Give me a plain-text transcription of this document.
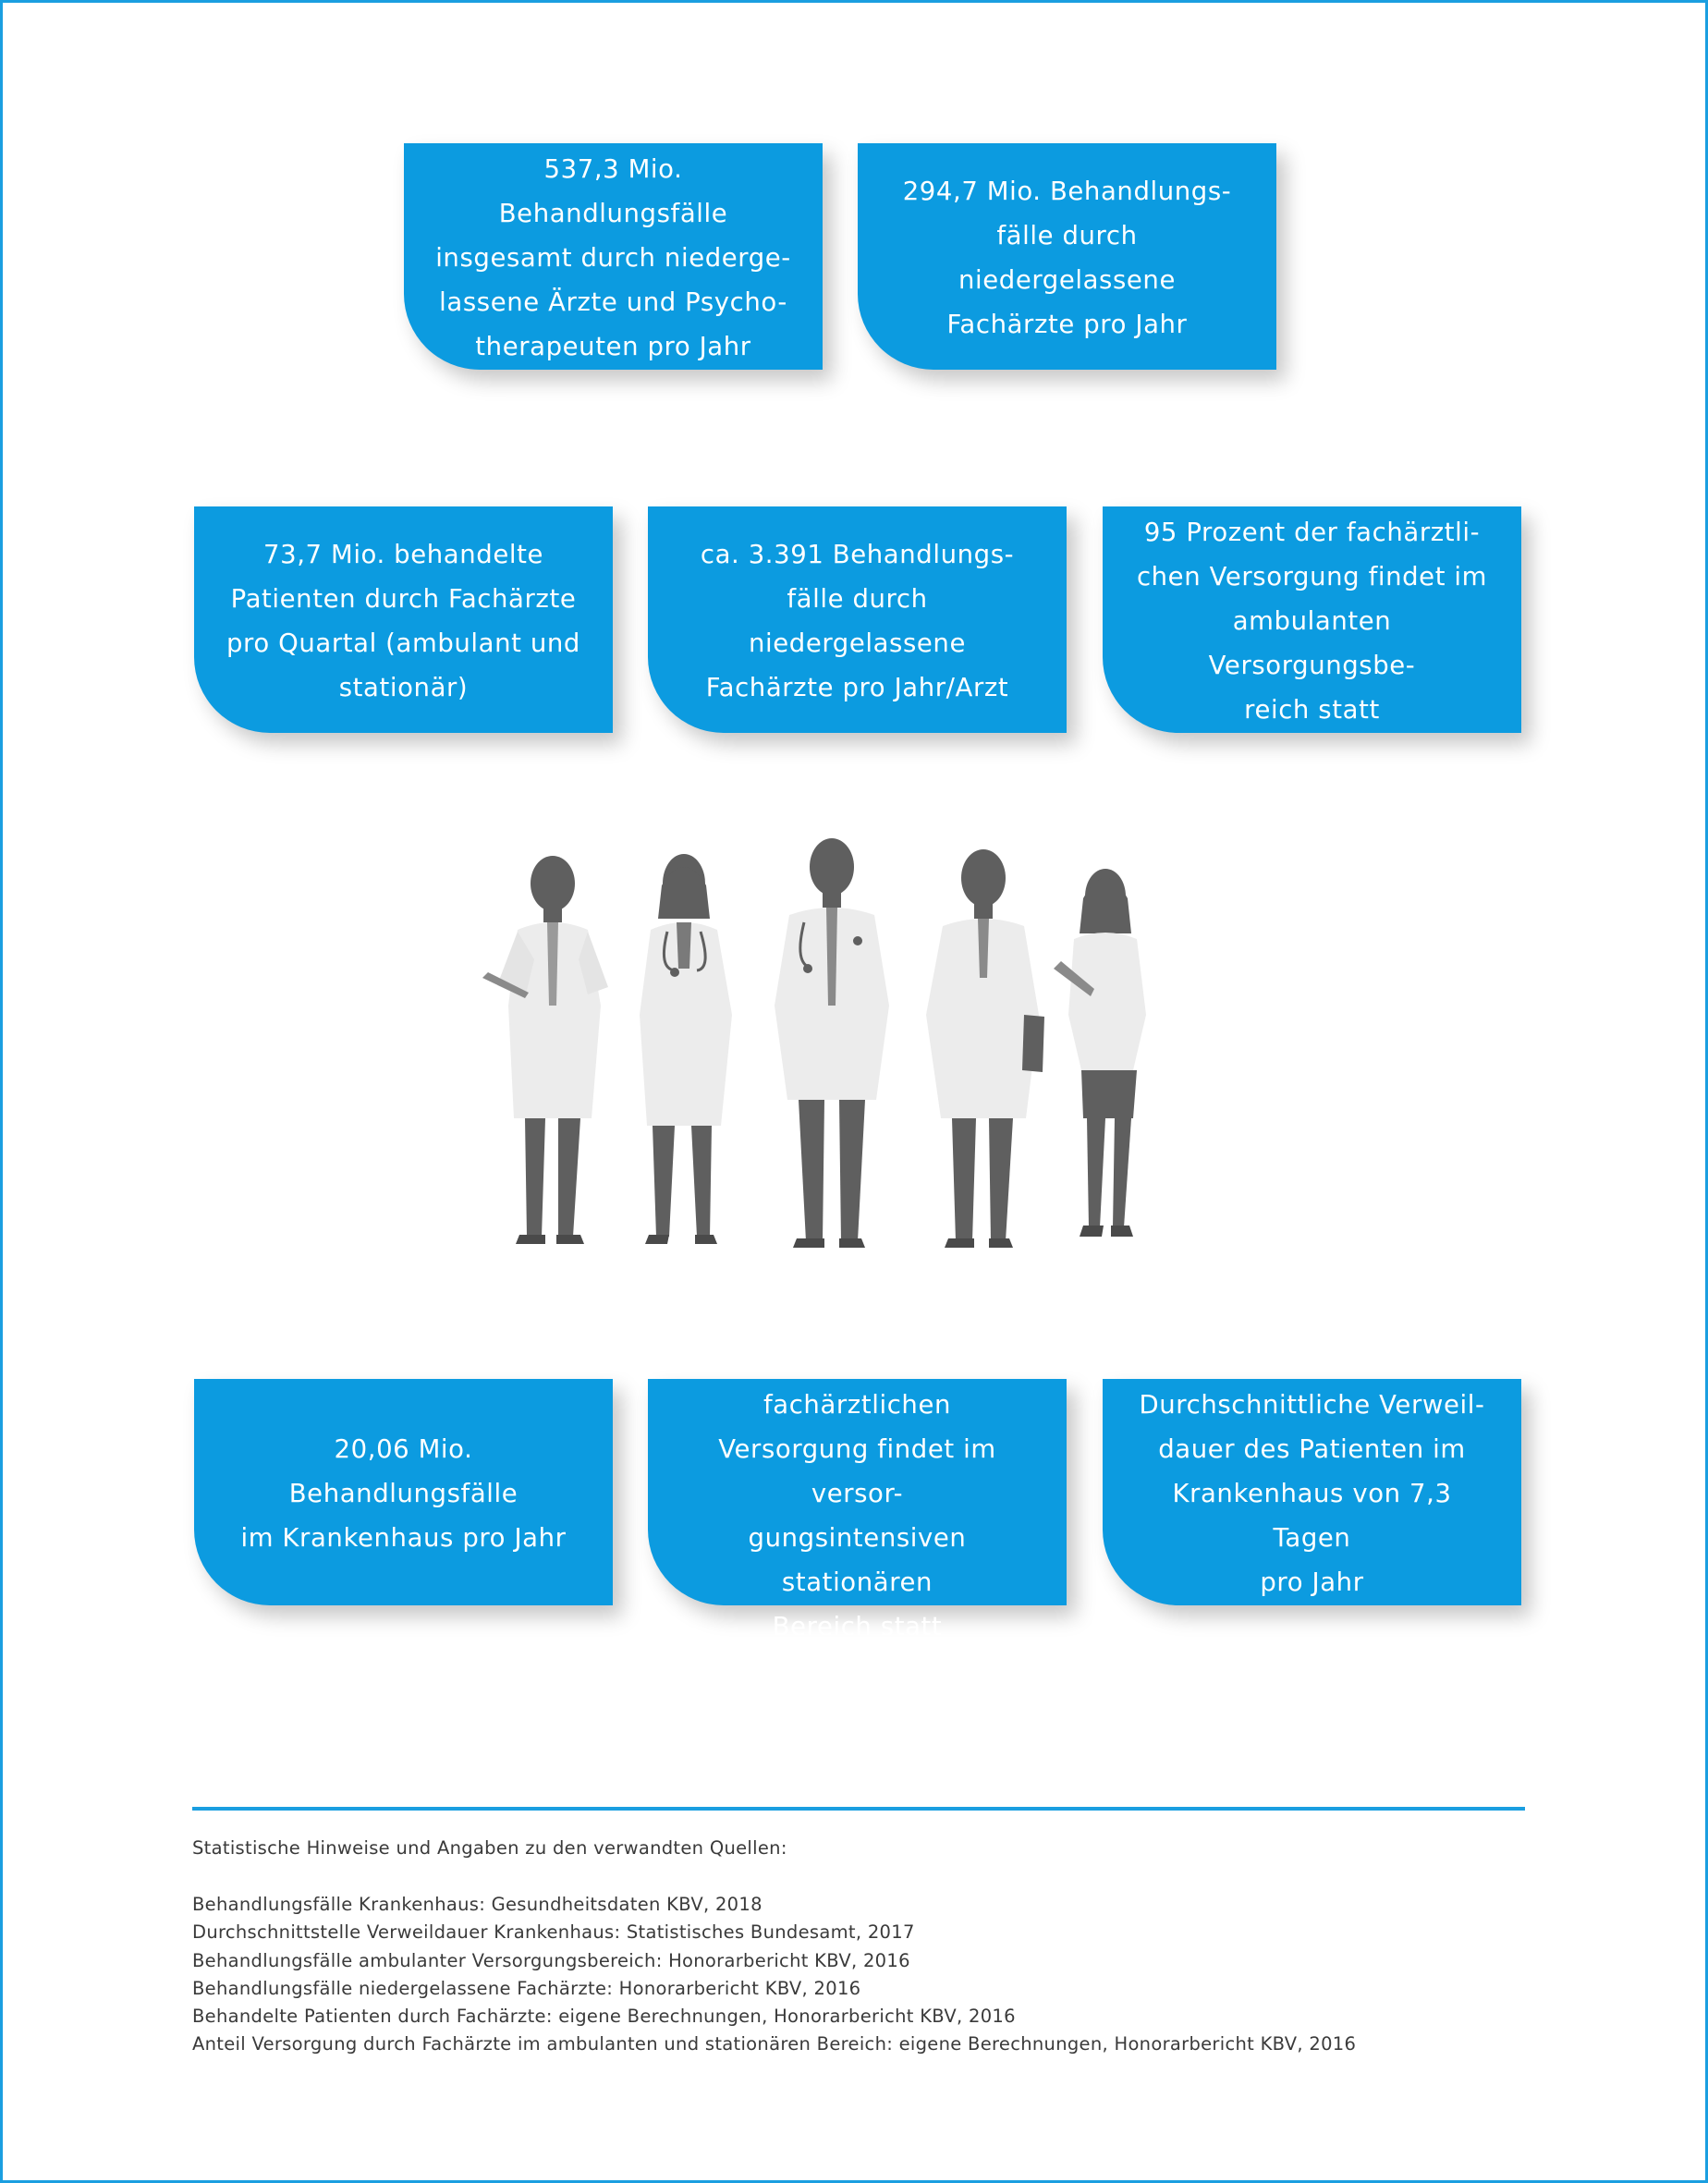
537,3 Mio. Behandlungsfälle
insgesamt durch niederge-
lassene Ärzte und Psycho-
therapeuten pro Jahr
294,7 Mio. Behandlungs-
fälle durch niedergelassene
Fachärzte pro Jahr
73,7 Mio. behandelte
Patienten durch Fachärzte
pro Quartal (ambulant und
stationär)
ca. 3.391 Behandlungs-
fälle durch niedergelassene
Fachärzte pro Jahr/Arzt
95 Prozent der fachärztli-
chen Versorgung findet im
ambulanten Versorgungsbe-
reich statt
20,06 Mio. Behandlungsfälle
im Krankenhaus pro Jahr
5 Prozent der fachärztlichen
Versorgung findet im versor-
gungsintensiven stationären
Bereich statt
Durchschnittliche Verweil-
dauer des Patienten im
Krankenhaus von 7,3 Tagen
pro Jahr
Statistische Hinweise und Angaben zu den verwandten Quellen:
Behandlungsfälle Krankenhaus: Gesundheitsdaten KBV, 2018
Durchschnittstelle Verweildauer Krankenhaus: Statistisches Bundesamt, 2017
Behandlungsfälle ambulanter Versorgungsbereich: Honorarbericht KBV, 2016
Behandlungsfälle niedergelassene Fachärzte: Honorarbericht KBV, 2016
Behandelte Patienten durch Fachärzte: eigene Berechnungen, Honorarbericht KBV, 2016
Anteil Versorgung durch Fachärzte im ambulanten und stationären Bereich: eigene Berechnungen, Honorarbericht KBV, 2016
